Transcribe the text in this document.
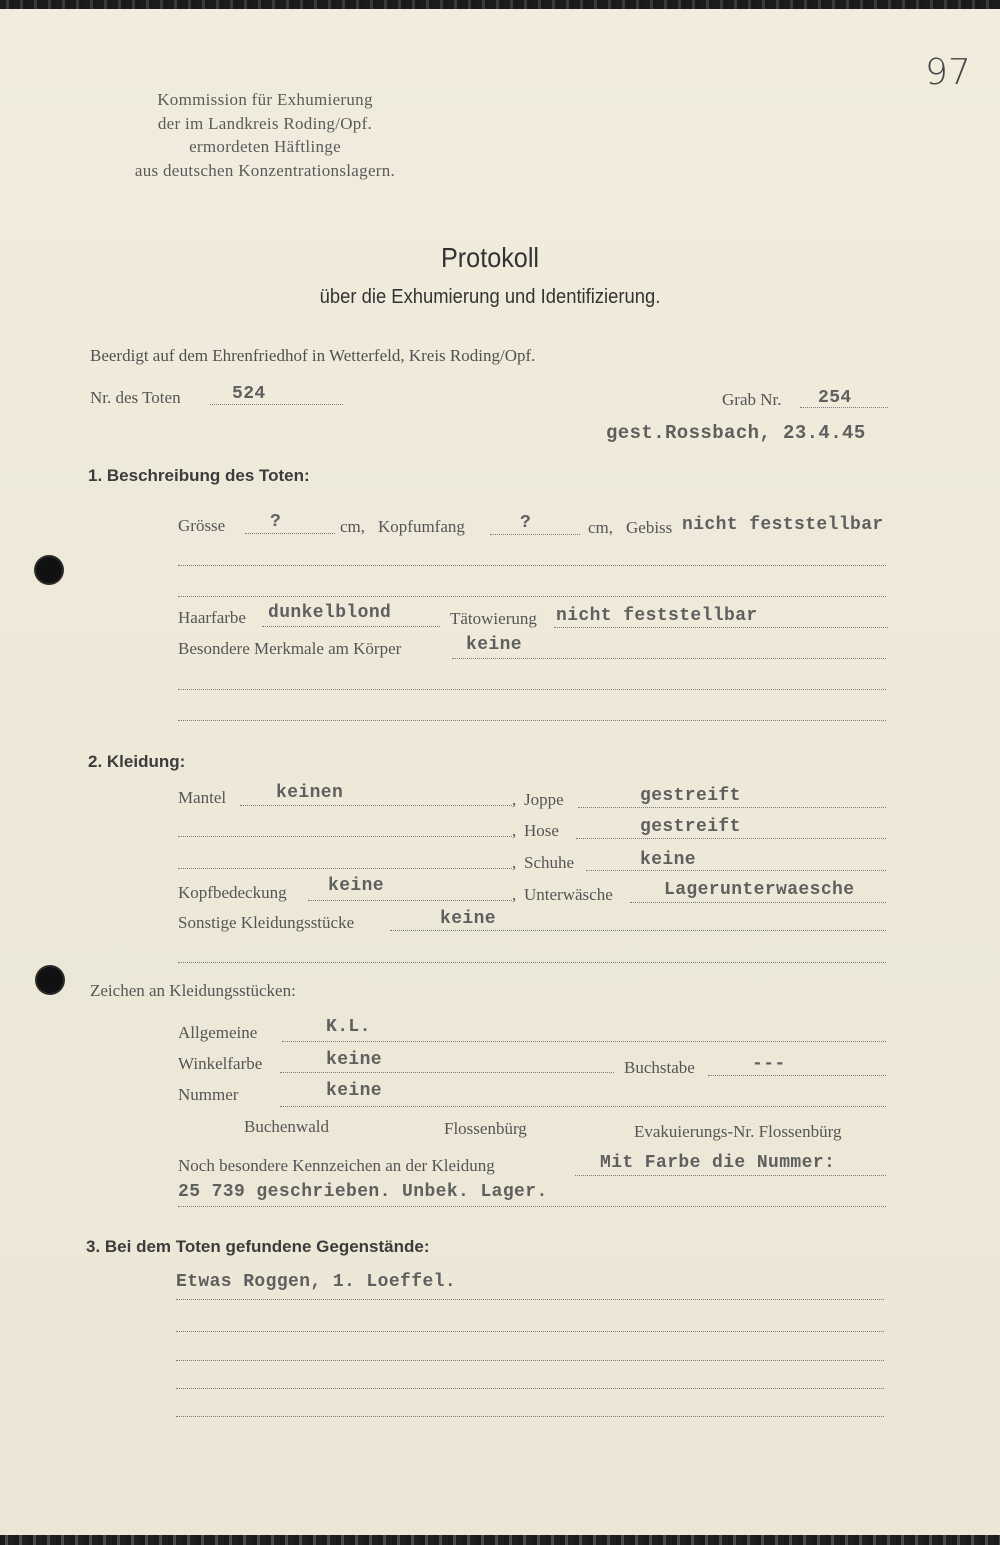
97
Kommission für Exhumierung
der im Landkreis Roding/Opf.
ermordeten Häftlinge
aus deutschen Konzentrationslagern.
Protokoll
über die Exhumierung und Identifizierung.
Beerdigt auf dem Ehrenfriedhof in Wetterfeld, Kreis Roding/Opf.
Nr. des Toten	524	Grab Nr. 254
gest.Rossbach, 23.4.45
1. Beschreibung des Toten:
Grösse ?	cm, Kopfumfang	?	cm, Gebiss nicht feststellbar
Haarfarbe dunkelblond	Tätowierung nicht feststellbar
Besondere Merkmale am Körper	keine
2. Kleidung:
Mantel	keinen	, Joppe	gestreift
, Hose	gestreift
, Schuhe	keine
Kopfbedeckung keine	, Unterwäsche	Lagerunterwaesche
Sonstige Kleidungsstücke	keine
Zeichen an Kleidungsstücken:
Allgemeine	K.L.
Winkelfarbe	keine	Buchstabe	---
Nummer	keine
Buchenwald	Flossenbürg	Evakuierungs-Nr. Flossenbürg
Noch besondere Kennzeichen an der Kleidung	Mit Farbe die Nummer:
25 739 geschrieben. Unbek. Lager.
3. Bei dem Toten gefundene Gegenstände:
Etwas Roggen, 1. Loeffel.
